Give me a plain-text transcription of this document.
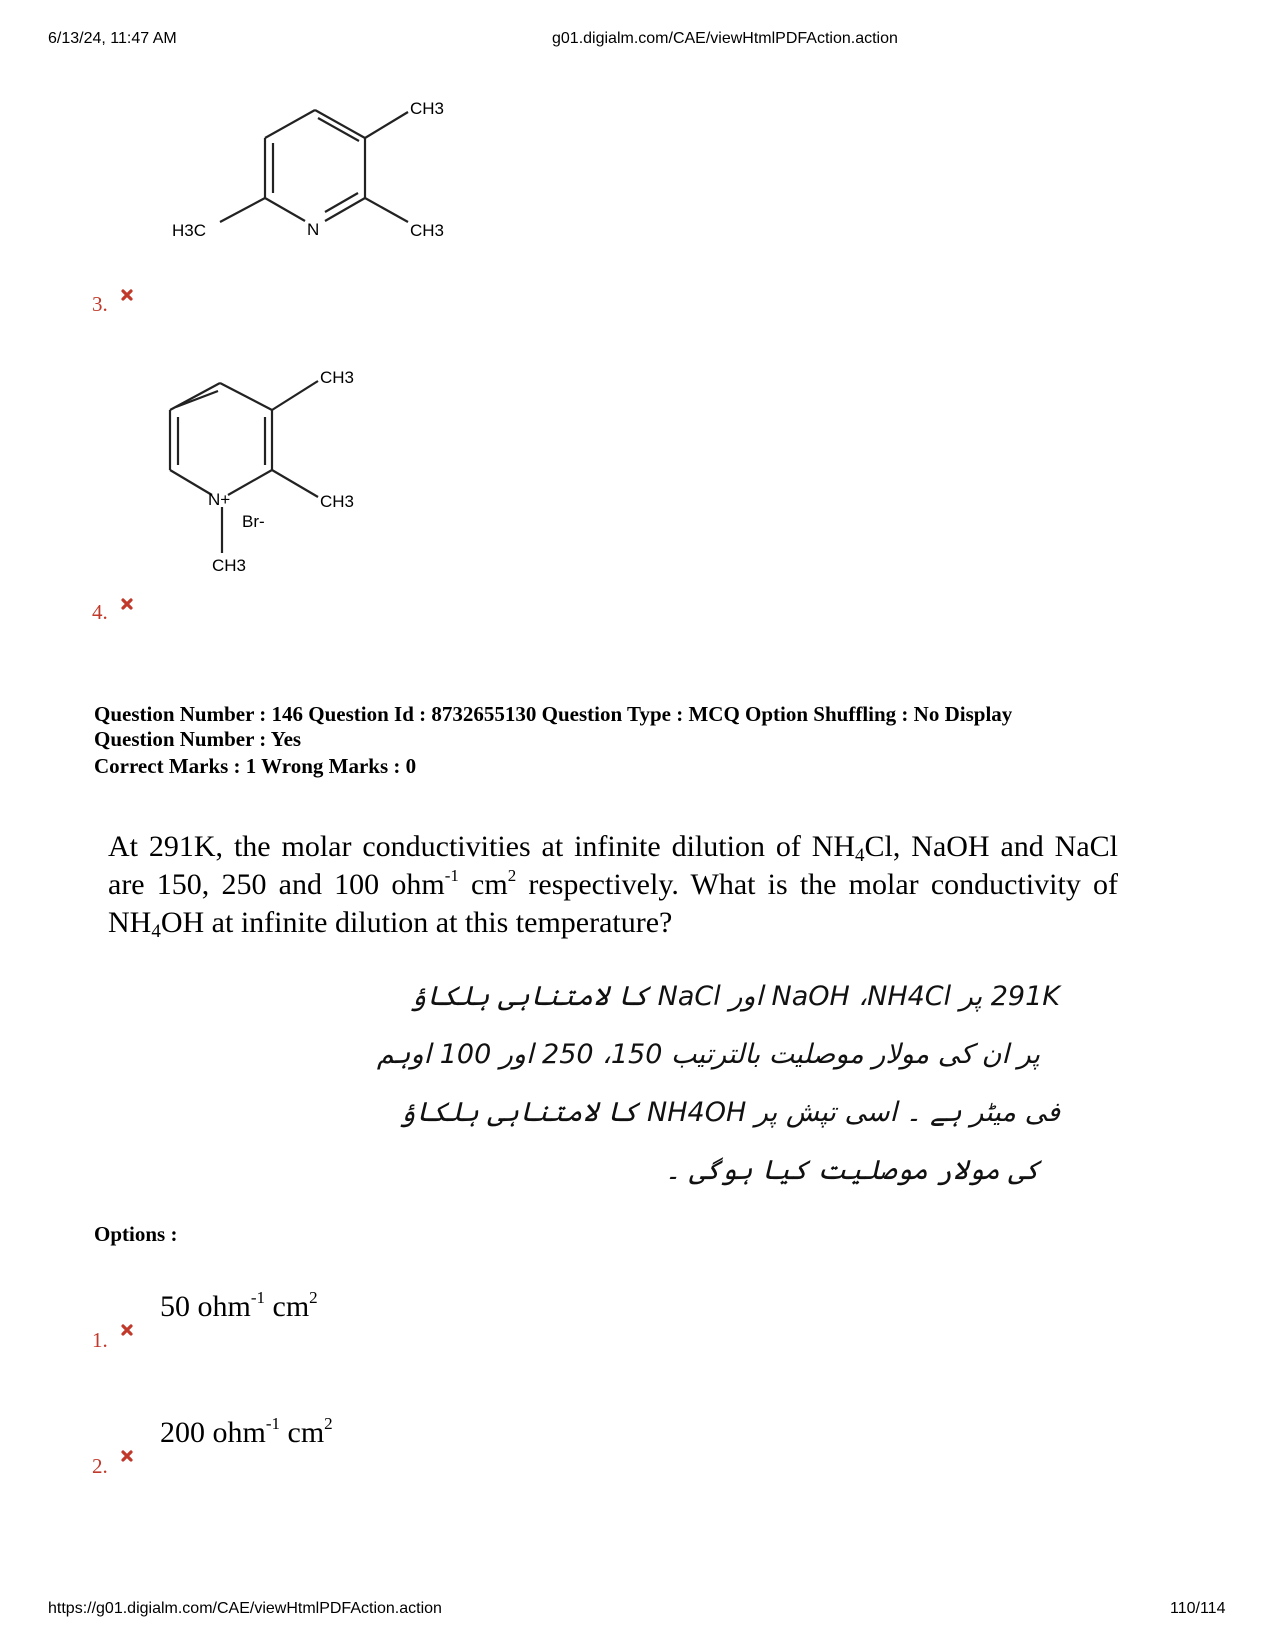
6/13/24, 11:47 AM	g01.digialm.com/CAE/viewHtmlPDFAction.action
CH3
H3C	N	CH3
3.
CH3
CH3
N+
Br-
CH3
4.
Question Number : 146 Question Id : 8732655130 Question Type : MCQ Option Shuffling : No Display
Question Number : Yes
Correct Marks : 1 Wrong Marks : 0
At 291K, the molar conductivities at infinite dilution of $NH_4Cl$, NaOH and NaCl are 150, 250 and 100 ohm$^{-1}$ $cm^2$ respectively. What is the molar conductivity of $NH_4OH$ at infinite dilution at this temperature?
291K پر NaOH ،NH4Cl اور NaCl کا لامتناہی ہلکاؤ
پر ان کی مولار موصلیت بالترتیب 150، 250 اور 100 اوہم
فی میٹر ہے ۔ اسی تپش پر NH4OH کا لامتناہی ہلکاؤ
کی مولار موصلیت کیا ہوگی ۔
Options :
50 ohm$^{-1}$ $cm^2$
1.
200 ohm$^{-1}$ $cm^2$
2.
https://g01.digialm.com/CAE/viewHtmlPDFAction.action	110/114
